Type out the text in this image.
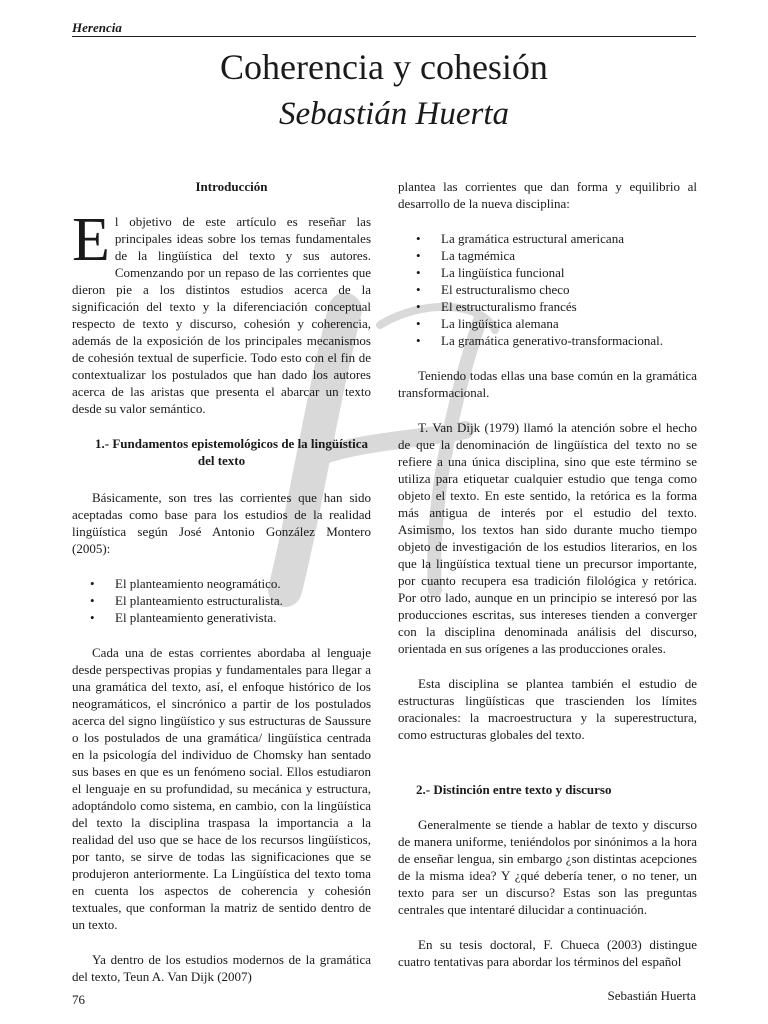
Herencia
Coherencia y cohesión
Sebastián Huerta

Introducción

El objetivo de este artículo es reseñar las principales ideas sobre los temas fundamentales de la lingüística del texto y sus autores. Comenzando por un repaso de las corrientes que dieron pie a los distintos estudios acerca de la significación del texto y la diferenciación conceptual respecto de texto y discurso, cohesión y coherencia, además de la exposición de los principales mecanismos de cohesión textual de superficie. Todo esto con el fin de contextualizar los postulados que han dado los autores acerca de las aristas que presenta el abarcar un texto desde su valor semántico.

1.- Fundamentos epistemológicos de la lingüística del texto

Básicamente, son tres las corrientes que han sido aceptadas como base para los estudios de la realidad lingüística según José Antonio González Montero (2005):

• El planteamiento neogramático.
• El planteamiento estructuralista.
• El planteamiento generativista.

Cada una de estas corrientes abordaba al lenguaje desde perspectivas propias y fundamentales para llegar a una gramática del texto, así, el enfoque histórico de los neogramáticos, el sincrónico a partir de los postulados acerca del signo lingüístico y sus estructuras de Saussure o los postulados de una gramática/ lingüística centrada en la psicología del individuo de Chomsky han sentado sus bases en que es un fenómeno social. Ellos estudiaron el lenguaje en su profundidad, su mecánica y estructura, adoptándolo como sistema, en cambio, con la lingüística del texto la disciplina traspasa la importancia a la realidad del uso que se hace de los recursos lingüísticos, por tanto, se sirve de todas las significaciones que se produjeron anteriormente. La Lingüística del texto toma en cuenta los aspectos de coherencia y cohesión textuales, que conforman la matriz de sentido dentro de un texto.

Ya dentro de los estudios modernos de la gramática del texto, Teun A. Van Dijk (2007)

plantea las corrientes que dan forma y equilibrio al desarrollo de la nueva disciplina:

• La gramática estructural americana
• La tagmémica
• La lingüística funcional
• El estructuralismo checo
• El estructuralismo francés
• La lingüística alemana
• La gramática generativo-transformacional.

Teniendo todas ellas una base común en la gramática transformacional.

T. Van Dijk (1979) llamó la atención sobre el hecho de que la denominación de lingüística del texto no se refiere a una única disciplina, sino que este término se utiliza para etiquetar cualquier estudio que tenga como objeto el texto. En este sentido, la retórica es la forma más antigua de interés por el estudio del texto. Asimismo, los textos han sido durante mucho tiempo objeto de investigación de los estudios literarios, en los que la lingüística textual tiene un precursor importante, por cuanto recupera esa tradición filológica y retórica. Por otro lado, aunque en un principio se interesó por las producciones escritas, sus intereses tienden a converger con la disciplina denominada análisis del discurso, orientada en sus orígenes a las producciones orales.

Esta disciplina se plantea también el estudio de estructuras lingüísticas que trascienden los límites oracionales: la macroestructura y la superestructura, como estructuras globales del texto.

2.- Distinción entre texto y discurso

Generalmente se tiende a hablar de texto y discurso de manera uniforme, teniéndolos por sinónimos a la hora de enseñar lengua, sin embargo ¿son distintas acepciones de la misma idea? Y ¿qué debería tener, o no tener, un texto para ser un discurso? Estas son las preguntas centrales que intentaré dilucidar a continuación.

En su tesis doctoral, F. Chueca (2003) distingue cuatro tentativas para abordar los términos del español

76	Sebastián Huerta
